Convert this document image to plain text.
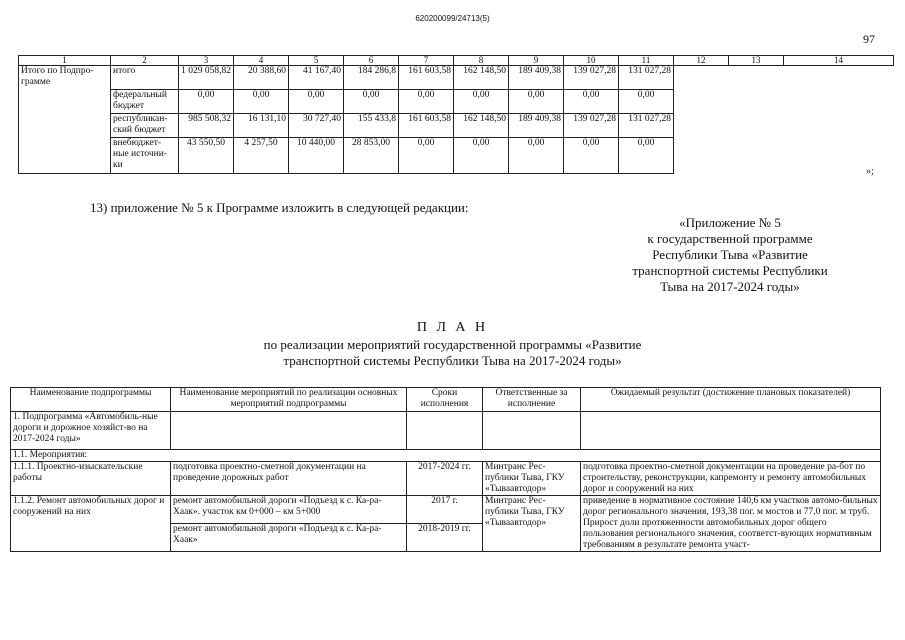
620200099/24713(5)
97
1	2	3	4	5	6	7	8	9	10	11	12	13	14
Итого по Подпро-грамме	итого	1 029 058,82	20 388,60	41 167,40	184 286,8	161 603,58	162 148,50	189 409,38	139 027,28	131 027,28			
	федеральный бюджет	0,00	0,00	0,00	0,00	0,00	0,00	0,00	0,00	0,00			
	республикан-ский бюджет	985 508,32	16 131,10	30 727,40	155 433,8	161 603,58	162 148,50	189 409,38	139 027,28	131 027,28			
	внебюджет-ные источни-ки	43 550,50	4 257,50	10 440,00	28 853,00	0,00	0,00	0,00	0,00	0,00			
»;
13) приложение № 5 к Программе изложить в следующей редакции:
«Приложение № 5
к государственной программе
Республики Тыва «Развитие
транспортной системы Республики
Тыва на 2017-2024 годы»
П Л А Н
по реализации мероприятий государственной программы «Развитие
транспортной системы Республики Тыва на 2017-2024 годы»
Наименование подпрограммы	Наименование мероприятий по реализации основных мероприятий подпрограммы	Сроки исполнения	Ответственные за исполнение	Ожидаемый результат (достижение плановых показателей)
1. Подпрограмма «Автомобиль-ные дороги и дорожное хозяйст-во на 2017-2024 годы»				
1.1. Мероприятия:				
1.1.1. Проектно-изыскательские работы	подготовка проектно-сметной документации на проведение дорожных работ	2017-2024 гг.	Минтранс Рес-публики Тыва, ГКУ «Тываавтодор»	подготовка проектно-сметной документации на проведение ра-бот по строительству, реконструкции, капремонту и ремонту автомобильных дорог и сооружений на них
1.1.2. Ремонт автомобильных дорог и сооружений на них	ремонт автомобильной дороги «Подъезд к с. Ка-ра-Хаак». участок км 0+000 – км 5+000	2017 г.	Минтранс Рес-публики Тыва, ГКУ «Тываавтодор»	приведение в нормативное состояние 140,6 км участков автомо-бильных дорог регионального значения, 193,38 пог. м мостов и 77,0 пог. м труб. Прирост доли протяженности автомобильных дорог общего пользования регионального значения, соответст-вующих нормативным требованиям в результате ремонта участ-
	ремонт автомобильной дороги «Подъезд к с. Ка-ра-Хаак»	2018-2019 гг.		
